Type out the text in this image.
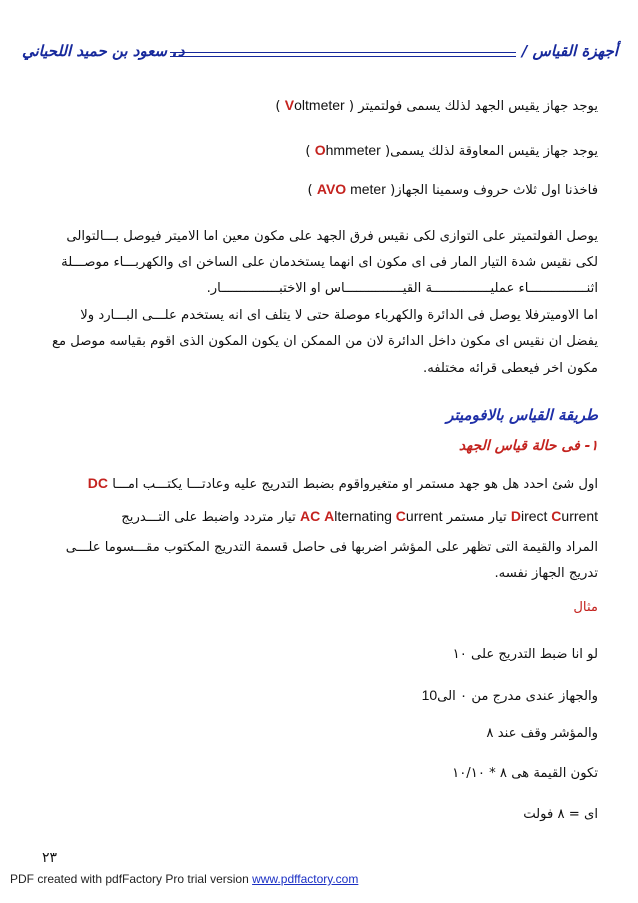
د. سعود بن حميد اللحياني	أجهزة القياس /
يوجد جهاز يقيس الجهد لذلك يسمى فولتميتر ( Voltmeter )
يوجد جهاز يقيس المعاوقة لذلك يسمى( Ohmmeter )
فاخذنا اول ثلاث حروف وسمينا الجهاز( AVO meter )
يوصل الفولتميتر على التوازى لكى نقيس فرق الجهد على مكون معين اما الاميتر فيوصل بـــالتوالى
لكى نقيس شدة التيار المار فى اى مكون اى انهما يستخدمان على الساخن اى والكهربـــاء موصـــلة
اثنـــــــــــــــاء عمليـــــــــــــــة القيـــــــــــــــاس او الاختبـــــــــــــــار.
اما الاوميترفلا يوصل فى الدائرة والكهرباء موصلة حتى لا يتلف اى انه يستخدم علـــى البـــارد ولا
يفضل ان نقيس اى مكون داخل الدائرة لان من الممكن ان يكون المكون الذى اقوم بقياسه موصل مع
مكون اخر فيعطى قرائه مختلفه.
طريقة القياس بالافوميتر
١- فى حالة قياس الجهد
اول شئ احدد هل هو جهد مستمر او متغيرواقوم بضبط التدريج عليه وعادتـــا يكتـــب امـــا DC
Direct Current تيار مستمر AC Alternating Current تيار متردد واضبط على التـــدريج
المراد والقيمة التى تظهر على المؤشر اضربها فى حاصل قسمة التدريج المكتوب مقـــسوما علـــى
تدريج الجهاز نفسه.
مثال
لو انا ضبط التدريج على ١٠
والجهاز عندى مدرج من ٠ الى10
والمؤشر وقف عند ٨
تكون القيمة هى ٨ * ١٠/١٠
اى = ٨ فولت
٢٣
PDF created with pdfFactory Pro trial version www.pdffactory.com
